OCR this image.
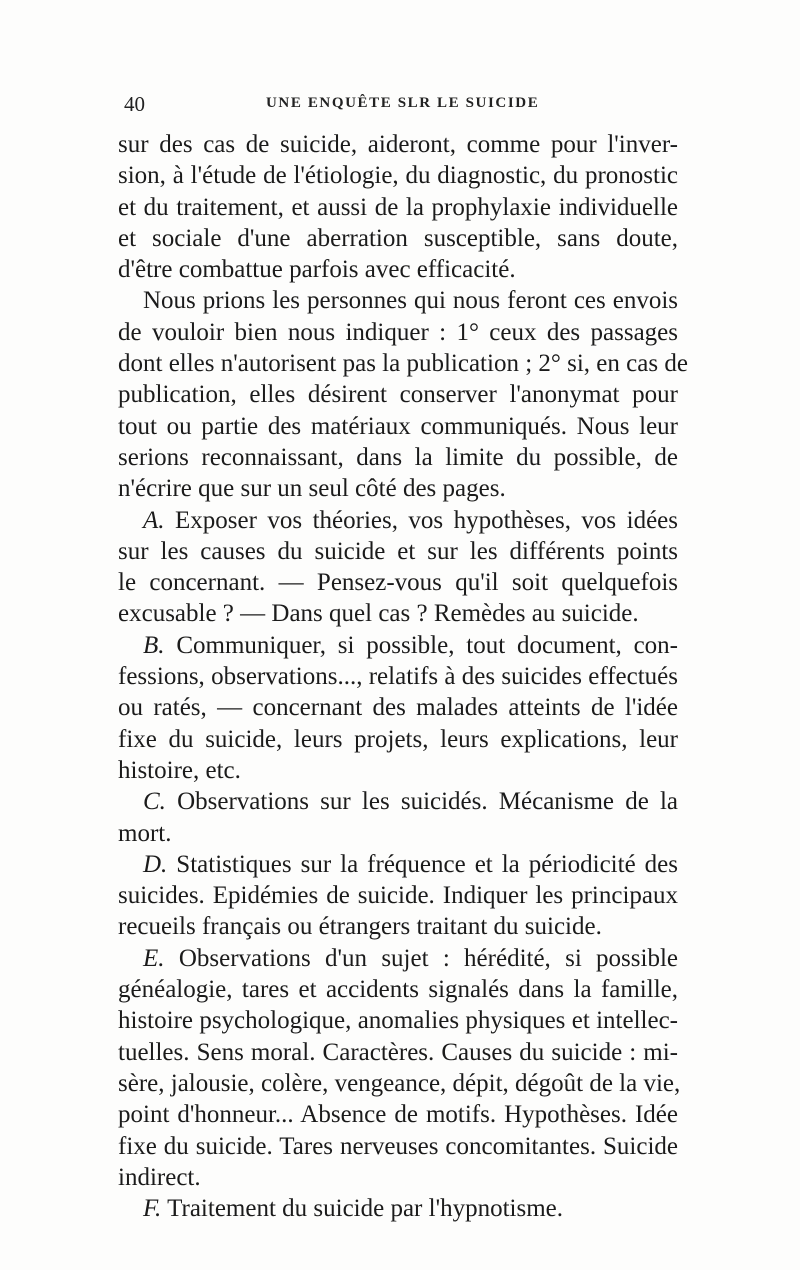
40	UNE ENQUÊTE SLR LE SUICIDE

sur des cas de suicide, aideront, comme pour l'inver-
sion, à l'étude de l'étiologie, du diagnostic, du pronostic
et du traitement, et aussi de la prophylaxie individuelle
et sociale d'une aberration susceptible, sans doute,
d'être combattue parfois avec efficacité.

Nous prions les personnes qui nous feront ces envois
de vouloir bien nous indiquer : 1° ceux des passages
dont elles n'autorisent pas la publication ; 2° si, en cas de
publication, elles désirent conserver l'anonymat pour
tout ou partie des matériaux communiqués. Nous leur
serions reconnaissant, dans la limite du possible, de
n'écrire que sur un seul côté des pages.

A. Exposer vos théories, vos hypothèses, vos idées
sur les causes du suicide et sur les différents points
le concernant. — Pensez-vous qu'il soit quelquefois
excusable ? — Dans quel cas ? Remèdes au suicide.

B. Communiquer, si possible, tout document, con-
fessions, observations..., relatifs à des suicides effectués
ou ratés, — concernant des malades atteints de l'idée
fixe du suicide, leurs projets, leurs explications, leur
histoire, etc.

C. Observations sur les suicidés. Mécanisme de la
mort.

D. Statistiques sur la fréquence et la périodicité des
suicides. Epidémies de suicide. Indiquer les principaux
recueils français ou étrangers traitant du suicide.

E. Observations d'un sujet : hérédité, si possible
généalogie, tares et accidents signalés dans la famille,
histoire psychologique, anomalies physiques et intellec-
tuelles. Sens moral. Caractères. Causes du suicide : mi-
sère, jalousie, colère, vengeance, dépit, dégoût de la vie,
point d'honneur... Absence de motifs. Hypothèses. Idée
fixe du suicide. Tares nerveuses concomitantes. Suicide
indirect.

F. Traitement du suicide par l'hypnotisme.
